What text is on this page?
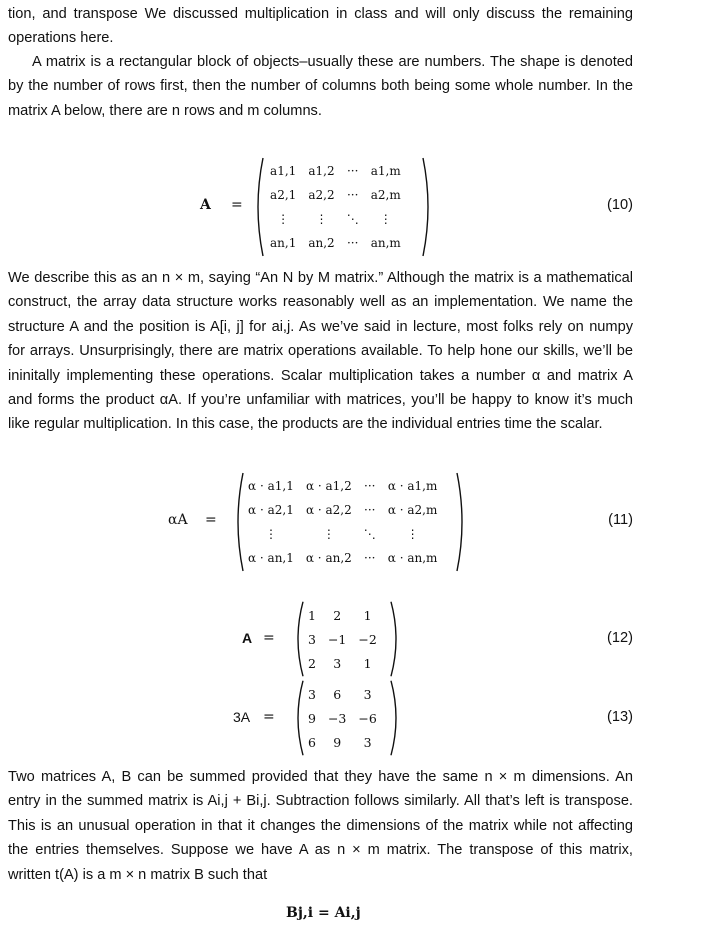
tion, and transpose We discussed multiplication in class and will only discuss the remaining
operations here.
A matrix is a rectangular block of objects–usually these are numbers. The shape is denoted
by the number of rows first, then the number of columns both being some whole number. In the
matrix A below, there are n rows and m columns.
A =
a1,1	a1,2	···	a1,m
a2,1	a2,2	···	a2,m
⋮	⋮	⋱	⋮
an,1	an,2	···	an,m
(10)
We describe this as an n × m, saying “An N by M matrix.” Although the matrix is a mathematical
construct, the array data structure works reasonably well as an implementation. We name the
structure A and the position is A[i, j] for ai,j. As we’ve said in lecture, most folks rely on numpy
for arrays. Unsurprisingly, there are matrix operations available. To help hone our skills, we’ll be
ininitally implementing these operations. Scalar multiplication takes a number α and matrix A
and forms the product αA. If you’re unfamiliar with matrices, you’ll be happy to know it’s much
like regular multiplication. In this case, the products are the individual entries time the scalar.
αA =
α · a1,1	α · a1,2	···	α · a1,m
α · a2,1	α · a2,2	···	α · a2,m
⋮	⋮	⋱	⋮
α · an,1	α · an,2	···	α · an,m
(11)
A =
1	2	1
3	−1	−2
2	3	1
(12)
3A =
3	6	3
9	−3	−6
6	9	3
(13)
Two matrices A, B can be summed provided that they have the same n × m dimensions. An
entry in the summed matrix is Ai,j + Bi,j. Subtraction follows similarly. All that’s left is transpose.
This is an unusual operation in that it changes the dimensions of the matrix while not affecting
the entries themselves. Suppose we have A as n × m matrix. The transpose of this matrix,
written t(A) is a m × n matrix B such that
Bj,i = Ai,j
